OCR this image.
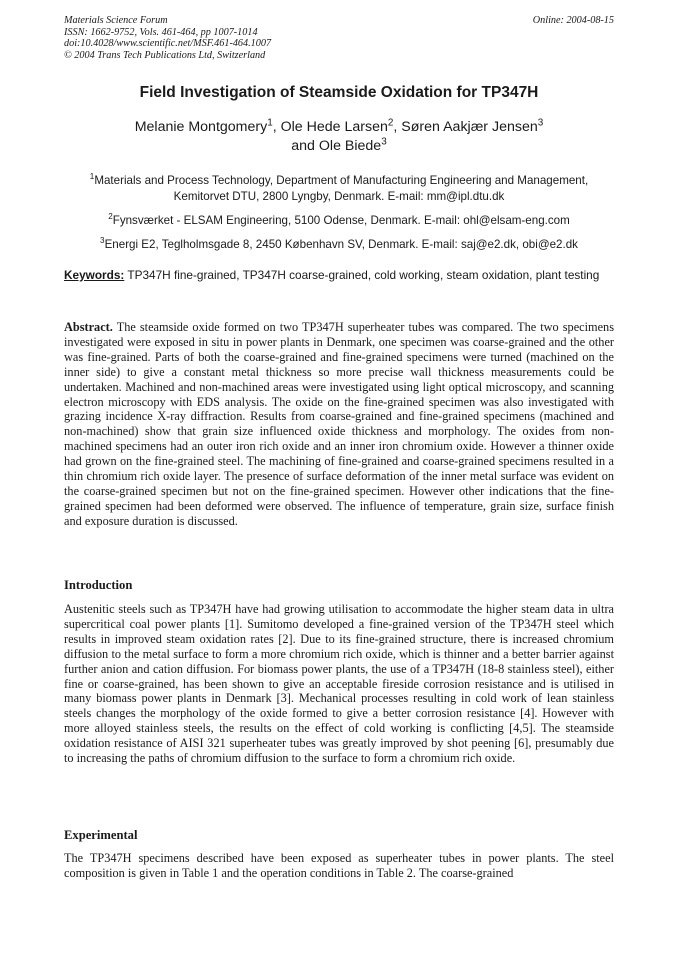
Materials Science Forum
ISSN: 1662-9752, Vols. 461-464, pp 1007-1014
doi:10.4028/www.scientific.net/MSF.461-464.1007
© 2004 Trans Tech Publications Ltd, Switzerland
Online: 2004-08-15
Field Investigation of Steamside Oxidation for TP347H
Melanie Montgomery$^1$, Ole Hede Larsen$^2$, Søren Aakjær Jensen$^3$
and Ole Biede$^3$
$^1$Materials and Process Technology, Department of Manufacturing Engineering and Management,
Kemitorvet DTU, 2800 Lyngby, Denmark. E-mail: mm@ipl.dtu.dk
$^2$Fynsværket - ELSAM Engineering, 5100 Odense, Denmark. E-mail: ohl@elsam-eng.com
$^3$Energi E2, Teglholmsgade 8, 2450 København SV, Denmark. E-mail: saj@e2.dk, obi@e2.dk
Keywords: TP347H fine-grained, TP347H coarse-grained, cold working, steam oxidation, plant testing
Abstract. The steamside oxide formed on two TP347H superheater tubes was compared. The two specimens investigated were exposed in situ in power plants in Denmark, one specimen was coarse-grained and the other was fine-grained. Parts of both the coarse-grained and fine-grained specimens were turned (machined on the inner side) to give a constant metal thickness so more precise wall thickness measurements could be undertaken. Machined and non-machined areas were investigated using light optical microscopy, and scanning electron microscopy with EDS analysis. The oxide on the fine-grained specimen was also investigated with grazing incidence X-ray diffraction. Results from coarse-grained and fine-grained specimens (machined and non-machined) show that grain size influenced oxide thickness and morphology. The oxides from non-machined specimens had an outer iron rich oxide and an inner iron chromium oxide. However a thinner oxide had grown on the fine-grained steel. The machining of fine-grained and coarse-grained specimens resulted in a thin chromium rich oxide layer. The presence of surface deformation of the inner metal surface was evident on the coarse-grained specimen but not on the fine-grained specimen. However other indications that the fine-grained specimen had been deformed were observed. The influence of temperature, grain size, surface finish and exposure duration is discussed.
Introduction
Austenitic steels such as TP347H have had growing utilisation to accommodate the higher steam data in ultra supercritical coal power plants [1]. Sumitomo developed a fine-grained version of the TP347H steel which results in improved steam oxidation rates [2]. Due to its fine-grained structure, there is increased chromium diffusion to the metal surface to form a more chromium rich oxide, which is thinner and a better barrier against further anion and cation diffusion. For biomass power plants, the use of a TP347H (18-8 stainless steel), either fine or coarse-grained, has been shown to give an acceptable fireside corrosion resistance and is utilised in many biomass power plants in Denmark [3]. Mechanical processes resulting in cold work of lean stainless steels changes the morphology of the oxide formed to give a better corrosion resistance [4]. However with more alloyed stainless steels, the results on the effect of cold working is conflicting [4,5]. The steamside oxidation resistance of AISI 321 superheater tubes was greatly improved by shot peening [6], presumably due to increasing the paths of chromium diffusion to the surface to form a chromium rich oxide.
Experimental
The TP347H specimens described have been exposed as superheater tubes in power plants. The steel composition is given in Table 1 and the operation conditions in Table 2. The coarse-grained
